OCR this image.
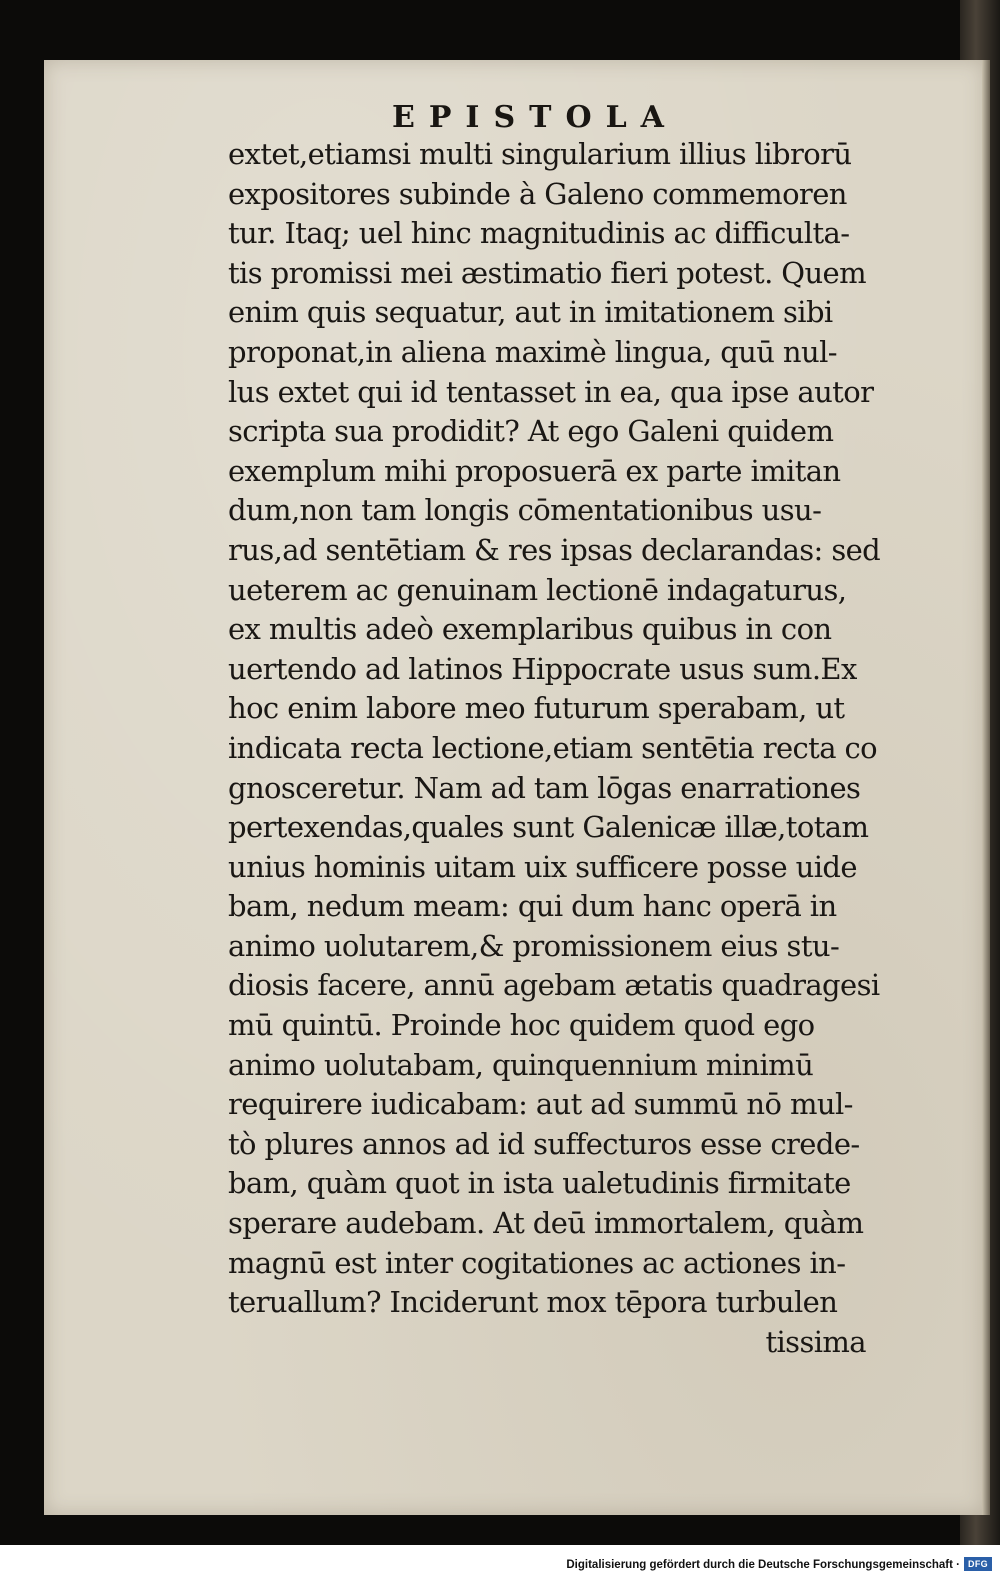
EPISTOLA
extet,etiamsi multi singularium illius librorū
expositores subinde à Galeno commemoren
tur. Itaq; uel hinc magnitudinis ac difficulta-
tis promissi mei æstimatio fieri potest. Quem
enim quis sequatur, aut in imitationem sibi
proponat,in aliena maximè lingua, quū nul-
lus extet qui id tentasset in ea, qua ipse autor
scripta sua prodidit? At ego Galeni quidem
exemplum mihi proposuerā ex parte imitan
dum,non tam longis cōmentationibus usu-
rus,ad sentētiam & res ipsas declarandas: sed
ueterem ac genuinam lectionē indagaturus,
ex multis adeò exemplaribus quibus in con
uertendo ad latinos Hippocrate usus sum.Ex
hoc enim labore meo futurum sperabam, ut
indicata recta lectione,etiam sentētia recta co
gnosceretur. Nam ad tam lōgas enarrationes
pertexendas,quales sunt Galenicæ illæ,totam
unius hominis uitam uix sufficere posse uide
bam, nedum meam: qui dum hanc operā in
animo uolutarem,& promissionem eius stu-
diosis facere, annū agebam ætatis quadragesi
mū quintū. Proinde hoc quidem quod ego
animo uolutabam, quinquennium minimū
requirere iudicabam: aut ad summū nō mul-
tò plures annos ad id suffecturos esse crede-
bam, quàm quot in ista ualetudinis firmitate
sperare audebam. At deū immortalem, quàm
magnū est inter cogitationes ac actiones in-
teruallum? Inciderunt mox tēpora turbulen
tissima
Digitalisierung gefördert durch die Deutsche Forschungsgemeinschaft · DFG
